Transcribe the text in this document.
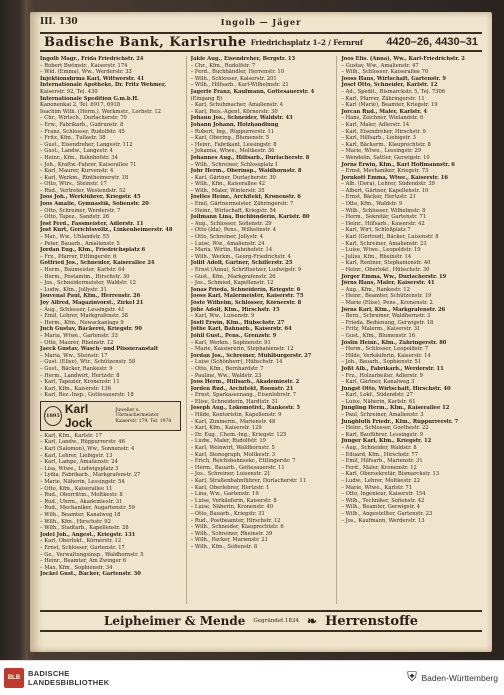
III. 130	Ingolb — Jäger
Badische Bank, Karlsruhe Friedrichsplatz 1–2 / Fernruf 4420–26, 4430–31
Ingolb Magr., Frida Friedrichstr. 24
– Robert Bwtmstr., Kaiserstr. 174
– Wid. (Emma), Ww., Werderstr. 33
Injektionsfirma Karl, Wittwerstr. 41
Internationale Apotheke, Dr. Fritz Wehmer,
Kaiserstr. 92, Tel. 439
Internationale Spedition G.m.b.H.
Kanonenkai 2, Tel. 6917, 6918
Ioachim Wilh. (Herm.), Werkmstr., Lorbstr. 12
– Chr., Wirtsch., Durlacherstr. 70
– Erw., Fabrikarb., Gudrunstr. 8
– Franz, Schlosser, Rudolfstr. 45
– Fritz, Kfm., Tullastr. 38
– Gust., Eisendreher, Langestr. 112
– Gust., Landw., Langestr. 4
– Heinr., Kfm., Bahnhofstr. 34
– Joh., Kraftw.-Fahrer, Kaiserallee 71
– Karl, Maurer, Kurvenstr. 4
– Karl, Werkm., Rintheimerstr. 18
– Otto, Wtrs., Steinstr. 17
– Rud., Vertreter, Westendstr. 52
Joos Joh., Werkführer, Kriegstr. 45
Joos Amalie, Gymnastik, Sofienstr. 20
– Otto, Schreiner, Werderstr. 7
– Otto, Tapez., Sandstr. 26
Jöst Ferd., Fassmeister, Adlerstr. 11
Jost Kurt, Gerichtsvollz., Linkenheimerstr. 48
– Mar., Ww., Uhlandstr. 55
– Peter, Bauarb., Amalienstr. 5
Jordan Eug., Kfm., Friedrichsplatz 6
– Frz., Pfarrer, Ettlingerstr. 6
Gotfried Jos., Schneider, Kaiserallee 24
– Herm., Baumeister, Karlstr. 64
– Herm., Postamtm., Hirschstr. 30
– Jos., Schneidermeister, Waldstr. 12
– Ludw., Kfm., Jollystr. 31
Jouvenal Paul, Kfm., Herrenstr. 26
Joy Alfred, Magazinvorst., Zirkel 21
– Aug., Schlosser, Lessingstr. 41
– Emil, Lehrer, Markgrafenstr. 38
– Herm., Kfm., Nowackanlage 9
Juch Gustav, Bäckerei, Kriegstr. 90
– Maria, Wtwe., Gartenstr. 33
– Otto, Maurer, Rheinstr. 12
Jaeck Gustav, Wasch- und Plissieranstalt
– Maria, Ww., Steinstr. 17
– Gust. (Elise), Wtr., Schützenstr. 58
– Gust., Bäcker, Rankestr. 9
– Herm., Landwirt, Hertzstr. 8
– Karl, Tapezier, Kronenstr. 11
– Karl, Kfm., Kaiserstr. 136
– Karl, Bez.-Insp., Gottesauerstr. 18
1895 Karl Jock
Juwelier u. Uhrmachermeister
Kaiserstr. 179, Tel. 1978
– Karl, Kfm., Karlstr. 17
– Karl, Landw., Rüppurrerstr. 46
– Karl (Salomon), Ww., Sonnenstr. 4
– Karl, Lehrer, Liebigstr. 13
– Karl, Lampe, Amalienstr. 24
– Lisa, Wtwe., Ludwigsplatz 3
– Lydia, Fabrikarb., Markgrafenstr. 27
– Marie, Näherin, Lessingstr. 54
– Otto, Kfm., Kaiserallee 11
– Rud., Oberrittm., Moltkestr. 8
– Rud., Uhrm., Akademiestr. 31
– Rud., Mechaniker, Augartenstr. 59
– Wilh., Beamter, Kanalweg 18
– Wilh., Kfm., Hirschstr. 92
– Wilh., Stadtarb., Kapellenstr. 28
Jodel Joh., Angest., Kriegstr. 131
– Karl, Oberlokf., Körnerstr. 12
– Ernst, Schlosser, Gartenstr. 17
– Ge., Verwaltungsinsp., Waldhornstr. 5
– Heinr., Beamter, Am Zwinger 6
– Max, Kfm., Sophienstr. 34
Jockel Gust., Bäcker, Gartenstr. 30
Jäkle Aug., Eisendreher, Bergstr. 13
– Chr., Kfm., Rudolfstr. 7
– Ferd., Buchhändler, Herrenstr. 10
– Wilh., Schlosser, Kaiserstr. 201
– Wilh., Hilfsarb., Karl-Wilhelmstr. 21
Jagerfe Franz, Kaufmann, Gottesauerstr. 4
(Eingang B)
– Karl, Schuhmacher, Amalienstr. 4
– Karl, Reis.-Agent, Körnerstr. 30
Johann Jos., Schneider, Waldstr. 43
Johann Johann, Holzhandlung
– Robert, Ing., Rüppurrerstr. 11
– Karl, Obering., Blumenstr. 5
– Heinr., Fabrikant, Lessingstr. 8
– Johanna, Wtwe., Moltkestr. 36
Johannes Aug., Hilfsarb., Durlacherstr. 8
– Wilh., Schreiner, Schlossplatz 1
Johr Herm., Oberinsp., Waldhornstr. 8
– Karl, Gärtner, Durlacherstr. 30
– Wilh., Kfm., Kaiserallee 42
– Wilh., Maler, Winterstr. 35
Jöstles Heinr., Architekt, Kronenstr. 6
– Emil, Gärtnermeister, Zähringerstr. 7
– Heinr., Wirtschaft, Kriegstr. 54
Jollmann Lina, Buchbinderin, Karlstr. 80
– Aug., Schlosser, Sofienstr. 29
– Otto (Ida), Pens., Wilhelmstr. 4
– Otto, Schreiner, Jollystr. 4
– Luise, Ww., Amalienstr. 24
– Maria, Wirtin, Bahnhofstr. 14
– Wilh., Werkm., Georg-Friedrichstr. 4
Jollit Adolf, Gärtner, Schillerstr. 25
– Ernst (Anna), Schriftsetzer, Ludwigstr. 9
– Gust., Kfm., Markgrafenstr. 26
– Jos., Schmied, Kapellenstr. 12
Jonas Frieda, Schneiderin, Kriegstr. 6
Jooss Karl, Malermeister, Kaiserstr. 75
Jöste Wilhelm, Schlosser, Körnerstr. 8
Jöbe Adolf, Kfm., Hirschstr. 15
– Karl, Ww., Luisenstr. 9
Jöstl Erwin, Kfm., Hübschstr. 27
Jöthe Karl, Bahnarb., Kaiserstr. 64
Jöhll Gust., Pens., Grenzstr. 9
– Karl, Werkm., Sophienstr. 91
– Marie, Kassiererin, Stephanienstr. 12
Jordan Jos., Schreiner, Mühlburgerstr. 27
– Luise (Schönherr), Hübschstr. 14
– Otto, Kfm., Bernhardstr. 7
– Pauline, Ww., Waldstr. 23
Joos Herm., Hilfsarb., Akademiestr. 2
Jorden Rud., Architekt, Roonstr. 21
– Ernst, Sparkassenang., Eisenlohrstr. 7
– Elise, Schneiderin, Hardtstr. 31
Joseph Aug., Lokomotivf., Rankestr. 5
– Hilde, Kontoristin, Kapellenstr. 9
– Karl, Zimmerm., Marienstr. 48
– Karl, Kfm., Kaiserstr. 129
– Dr. Eug., Chem.-Ing., Kriegstr. 125
– Ludw., Maler, Rudolfstr. 19
– Karl, Weinwirt, Waldhornstr. 5
– Karl, Stenograph, Moltkestr. 3
– Erich, Reichsbahnsekr., Ettlingerstr. 7
– Herm., Bauarb., Gottesauerstr. 11
– Jos., Schreiner, Luisenstr. 21
– Karl, Straßenbahnführer, Durlacherstr. 11
– Karl, Oberlehrer, Hertzstr. 1
– Lina, Ww., Gartenstr. 19
– Luise, Verkäuferin, Kaiserstr. 8
– Luise, Näherin, Kronenstr. 40
– Otto, Bauarb., Kriegstr. 31
– Rud., Postbeamter, Hirschstr. 12
– Wilh., Schneider, Klauprechtstr. 6
– Wilh., Schreiner, Rheinstr. 39
– Wilh., Packer, Marienstr. 21
– Wilh., Kfm., Sofienstr. 8
Joos Elis. (Anna), Ww., Karl-Friedrichstr. 2
– Gustav, Ww., Amalienstr. 47
– Wilh., Schlosser, Kaiserallee 70
Jooss Hans, Wirtschaft, Gartenstr. 9
Josef Otto, Schneider, Karlstr. 12
– Ad., Spedit., Bismarckstr. 5, Tel. 7306
– Karl, Pfarrer, Zähringerstr. 11
– Karl (Marie), Beamter, Kriegstr. 19
Jorcan Rud., Maler, Karlstr. 4
– Hans, Zeichner, Wielandstr. 6
– Karl, Maler, Adlerstr. 14
– Karl, Eisendreher, Hirschstr. 9
– Karl, Hilfsarb., Liebigstr. 3
– Karl, Bäckerm., Klauprechtstr. 8
– Marie, Wtwe., Lessingstr. 29
– Wendelin, Sattler, Gerwigstr. 10
Jorns Erwin, Kfm., Karl Hoffmannstr. 6
– Ernst, Mechaniker, Kriegstr. 73
Jornkott Emma, Wtwe., Kaiserstr. 16
– Alb. (Dora), Lehrer, Südendstr. 39
– Albert, Gärtner, Kapellenstr. 10
– Ernst, Bäcker, Hertzstr. 21
– Otto, Kfm., Waldstr. 9
– Wilh., Schlosser, Wilhelmstr. 8
– Herm., Sekretär, Gartenstr. 71
– Heinr., Hilfsarb., Kaiserstr. 42
– Karl, Wirt, Schloßplatz 7
– Karl (Gertrud), Bäcker, Luisenstr. 8
– Karl, Schreiner, Amalienstr. 23
– Luise, Wtwe., Leopoldstr. 19
– Julius, Kfm., Rheinstr. 14
– Karl, Rentner, Stephanienstr. 40
– Heinr., Oberlokf., Hübschstr. 30
Jörger Emma, Ww., Durlacherstr. 19
Jörns Hans, Maler, Kaiserstr. 41
– Aug., Kfm., Rankestr. 12
– Heinr., Beamter, Schützenstr. 19
– Marie (Elise), Pens., Kronenstr. 2
Jörns Karl, Kfm., Markgrafenstr. 26
– Bern., Schreiner, Waldhornstr. 3
– Frieda, Bedienung, Gerwigstr. 18
– Fritz, Malerm., Kaiserstr. 31
– Gust., Kfm., Blumenstr. 16
Jöslin Heinr., Kfm., Zähringerstr. 80
– Herm., Schlosser, Leopoldstr. 7
– Hilde, Verkäuferin, Kaiserstr. 14
– Joh., Bauarb., Sophienstr. 51
Joßt Alb., Fabrikarb., Werderstr. 11
– Frz., Holzarbeiter, Adlerstr. 9
– Karl, Gärtner, Kanalweg 3
Jüngst Otto, Wirtschaft, Hirschstr. 40
– Karl, Lokf., Südendstr. 27
– Luise, Näherin, Karlstr. 61
Jüngling Herm., Kfm., Kaiserallee 12
– Paul, Schreiner, Amalienstr. 3
Jungbluth Friedr., Kfm., Rüppurrerstr. 7
– Heinr., Schlosser, Goethestr. 22
– Karl, Bauführer, Lessingstr. 9
Jünger Karl, Kfm., Kriegstr. 12
– Aug., Schneider, Waldstr. 8
– Eduard, Kfm., Hirschstr. 77
– Emil, Hilfsarb., Marienstr. 31
– Ferd., Maler, Kronenstr. 12
– Karl, Obersekretär, Bismarckstr. 13
– Ludw., Lehrer, Moltkestr. 22
– Marie, Wtwe., Karlstr. 71
– Otto, Ingenieur, Kaiserstr. 154
– Wilh., Techniker, Sofienstr. 42
– Wilh., Beamter, Gerwigstr. 4
– Wilh., Angestellter, Gartenstr. 23
– Jos., Kaufmann, Werderstr. 13
Leipheimer & Mende Gegründet 1834 ❧ Herrenstoffe
BLB	BADISCHE
LANDESBIBLIOTHEK	⛨ Baden-Württemberg
